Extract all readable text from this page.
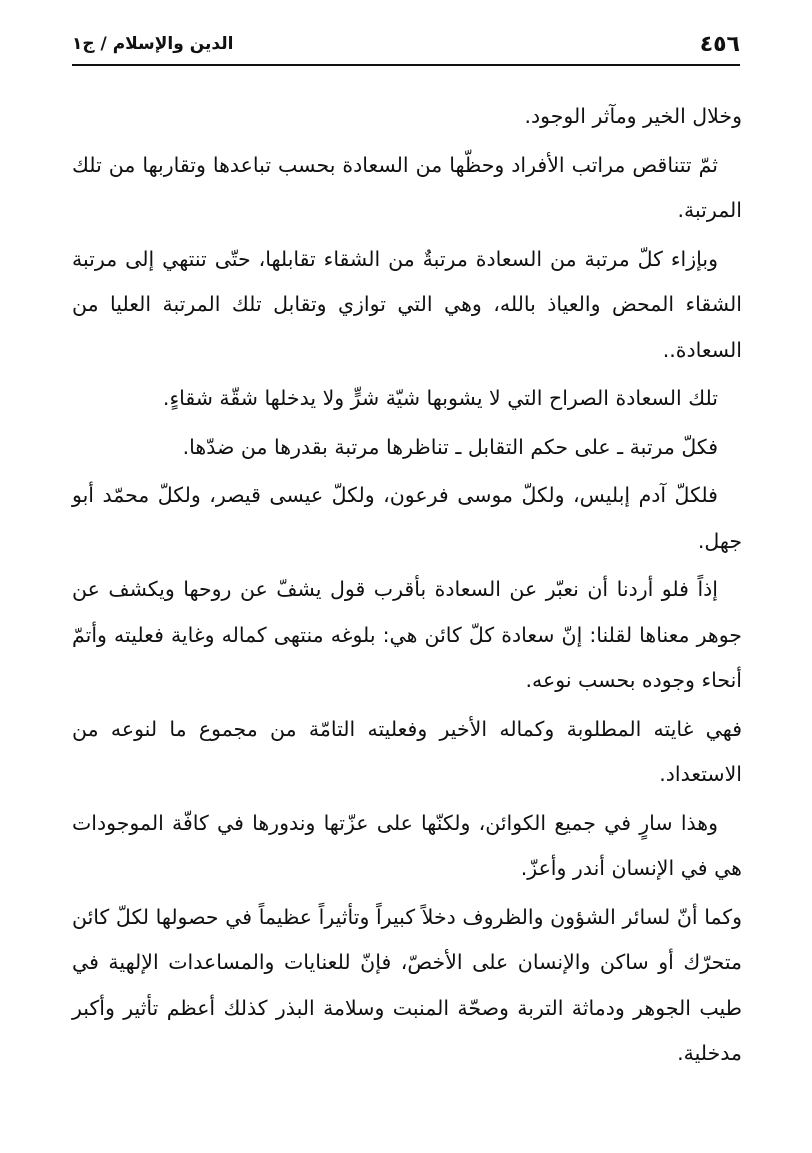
٤٥٦
الدين والإسلام / ج١

وخلال الخير ومآثر الوجود.

ثمّ تتناقص مراتب الأفراد وحظّها من السعادة بحسب تباعدها وتقاربها من تلك المرتبة.

وبإزاء كلّ مرتبة من السعادة مرتبةٌ من الشقاء تقابلها، حتّى تنتهي إلى مرتبة الشقاء المحض والعياذ بالله، وهي التي توازي وتقابل تلك المرتبة العليا من السعادة..

تلك السعادة الصراح التي لا يشوبها شيّة شرٍّ ولا يدخلها شقّة شقاءٍ.

فكلّ مرتبة ـ على حكم التقابل ـ تناظرها مرتبة بقدرها من ضدّها.

فلكلّ آدم إبليس، ولكلّ موسى فرعون، ولكلّ عيسى قيصر، ولكلّ محمّد أبو جهل.

إذاً فلو أردنا أن نعبّر عن السعادة بأقرب قول يشفّ عن روحها ويكشف عن جوهر معناها لقلنا: إنّ سعادة كلّ كائن هي: بلوغه منتهى كماله وغاية فعليته وأتمّ أنحاء وجوده بحسب نوعه.

فهي غايته المطلوبة وكماله الأخير وفعليته التامّة من مجموع ما لنوعه من الاستعداد.

وهذا سارٍ في جميع الكوائن، ولكنّها على عزّتها وندورها في كافّة الموجودات هي في الإنسان أندر وأعزّ.

وكما أنّ لسائر الشؤون والظروف دخلاً كبيراً وتأثيراً عظيماً في حصولها لكلّ كائن متحرّك أو ساكن والإنسان على الأخصّ، فإنّ للعنايات والمساعدات الإلهية في طيب الجوهر ودماثة التربة وصحّة المنبت وسلامة البذر كذلك أعظم تأثير وأكبر مدخلية.
